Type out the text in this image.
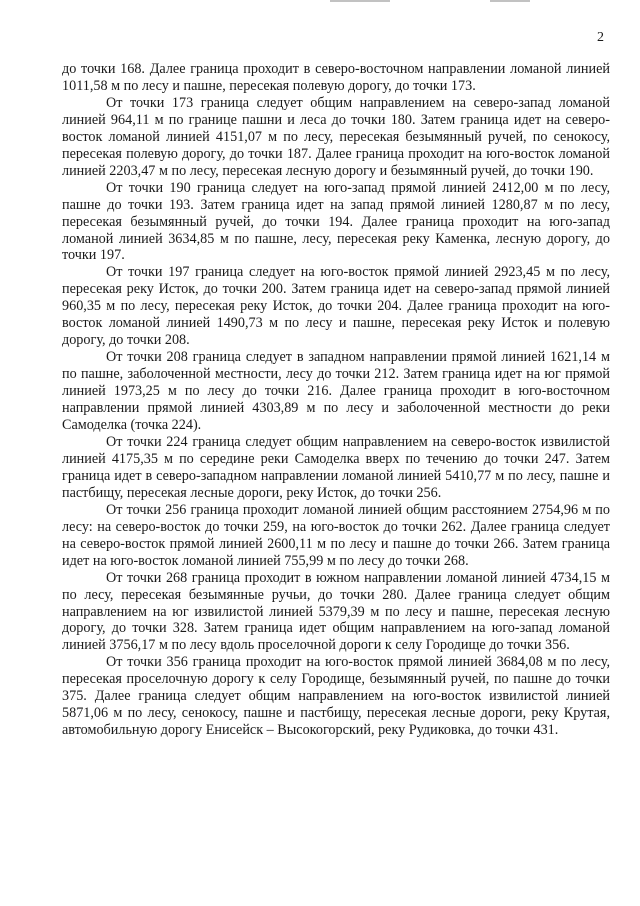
2

до точки 168. Далее граница проходит в северо-восточном направлении ломаной линией 1011,58 м по лесу и пашне, пересекая полевую дорогу, до точки 173.

От точки 173 граница следует общим направлением на северо-запад ломаной линией 964,11 м по границе пашни и леса до точки 180. Затем граница идет на северо-восток ломаной линией 4151,07 м по лесу, пересекая безымянный ручей, по сенокосу, пересекая полевую дорогу, до точки 187. Далее граница проходит на юго-восток ломаной линией 2203,47 м по лесу, пересекая лесную дорогу и безымянный ручей, до точки 190.

От точки 190 граница следует на юго-запад прямой линией 2412,00 м по лесу, пашне до точки 193. Затем граница идет на запад прямой линией 1280,87 м по лесу, пересекая безымянный ручей, до точки 194. Далее граница проходит на юго-запад ломаной линией 3634,85 м по пашне, лесу, пересекая реку Каменка, лесную дорогу, до точки 197.

От точки 197 граница следует на юго-восток прямой линией 2923,45 м по лесу, пересекая реку Исток, до точки 200. Затем граница идет на северо-запад прямой линией 960,35 м по лесу, пересекая реку Исток, до точки 204. Далее граница проходит на юго-восток ломаной линией 1490,73 м по лесу и пашне, пересекая реку Исток и полевую дорогу, до точки 208.

От точки 208 граница следует в западном направлении прямой линией 1621,14 м по пашне, заболоченной местности, лесу до точки 212. Затем граница идет на юг прямой линией 1973,25 м по лесу до точки 216. Далее граница проходит в юго-восточном направлении прямой линией 4303,89 м по лесу и заболоченной местности до реки Самоделка (точка 224).

От точки 224 граница следует общим направлением на северо-восток извилистой линией 4175,35 м по середине реки Самоделка вверх по течению до точки 247. Затем граница идет в северо-западном направлении ломаной линией 5410,77 м по лесу, пашне и пастбищу, пересекая лесные дороги, реку Исток, до точки 256.

От точки 256 граница проходит ломаной линией общим расстоянием 2754,96 м по лесу: на северо-восток до точки 259, на юго-восток до точки 262. Далее граница следует на северо-восток прямой линией 2600,11 м по лесу и пашне до точки 266. Затем граница идет на юго-восток ломаной линией 755,99 м по лесу до точки 268.

От точки 268 граница проходит в южном направлении ломаной линией 4734,15 м по лесу, пересекая безымянные ручьи, до точки 280. Далее граница следует общим направлением на юг извилистой линией 5379,39 м по лесу и пашне, пересекая лесную дорогу, до точки 328. Затем граница идет общим направлением на юго-запад ломаной линией 3756,17 м по лесу вдоль проселочной дороги к селу Городище до точки 356.

От точки 356 граница проходит на юго-восток прямой линией 3684,08 м по лесу, пересекая проселочную дорогу к селу Городище, безымянный ручей, по пашне до точки 375. Далее граница следует общим направлением на юго-восток извилистой линией 5871,06 м по лесу, сенокосу, пашне и пастбищу, пересекая лесные дороги, реку Крутая, автомобильную дорогу Енисейск – Высокогорский, реку Рудиковка, до точки 431.
